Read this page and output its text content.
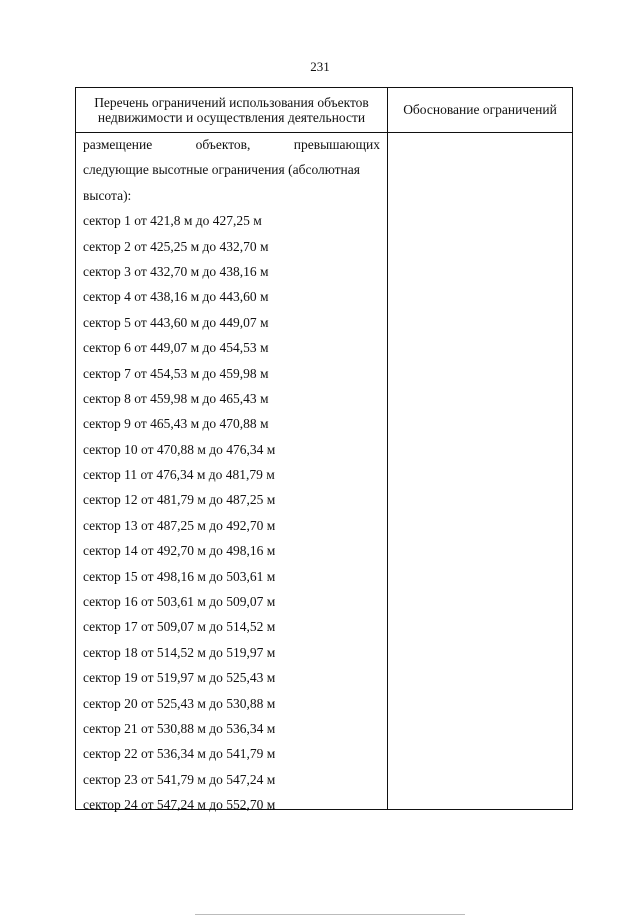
231
Перечень ограничений использования объектов недвижимости и осуществления деятельности
Обоснование ограничений
размещение	объектов,	превышающих
следующие высотные ограничения (абсолютная
высота):
сектор 1 от 421,8 м до 427,25 м
сектор 2 от 425,25 м до 432,70 м
сектор 3 от 432,70 м до 438,16 м
сектор 4 от 438,16 м до 443,60 м
сектор 5 от 443,60 м до 449,07 м
сектор 6 от 449,07 м до 454,53 м
сектор 7 от 454,53 м до 459,98 м
сектор 8 от 459,98 м до 465,43 м
сектор 9 от 465,43 м до 470,88 м
сектор 10 от 470,88 м до 476,34 м
сектор 11 от 476,34 м до 481,79 м
сектор 12 от 481,79 м до 487,25 м
сектор 13 от 487,25 м до 492,70 м
сектор 14 от 492,70 м до 498,16 м
сектор 15 от 498,16 м до 503,61 м
сектор 16 от 503,61 м до 509,07 м
сектор 17 от 509,07 м до 514,52 м
сектор 18 от 514,52 м до 519,97 м
сектор 19 от 519,97 м до 525,43 м
сектор 20 от 525,43 м до 530,88 м
сектор 21 от 530,88 м до 536,34 м
сектор 22 от 536,34 м до 541,79 м
сектор 23 от 541,79 м до 547,24 м
сектор 24 от 547,24 м до 552,70 м
